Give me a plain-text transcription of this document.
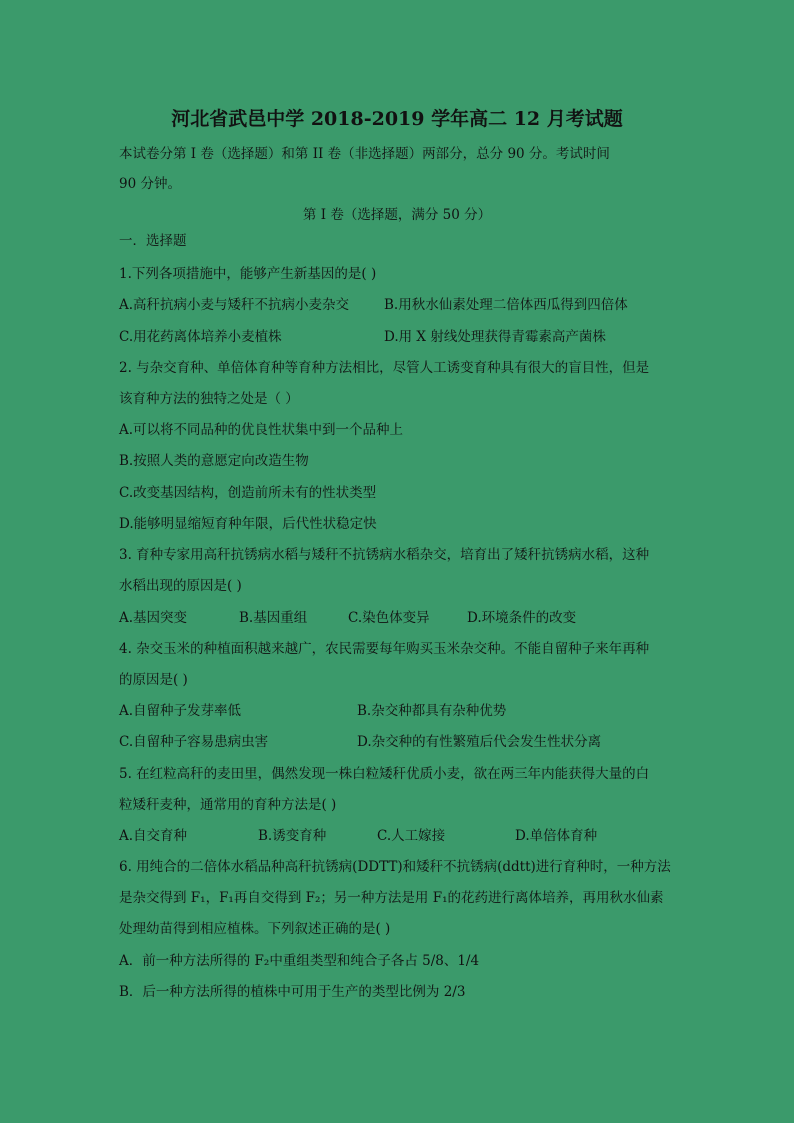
河北省武邑中学 2018-2019 学年高二 12 月考试题
本试卷分第 I 卷（选择题）和第 II 卷（非选择题）两部分，总分 90 分。考试时间
90 分钟。
第 I 卷（选择题，满分 50 分）
一．选择题
1.下列各项措施中，能够产生新基因的是( )
A.高秆抗病小麦与矮秆不抗病小麦杂交	B.用秋水仙素处理二倍体西瓜得到四倍体
C.用花药离体培养小麦植株	D.用 X 射线处理获得青霉素高产菌株
2. 与杂交育种、单倍体育种等育种方法相比，尽管人工诱变育种具有很大的盲目性，但是
该育种方法的独特之处是（ ）
A.可以将不同品种的优良性状集中到一个品种上
B.按照人类的意愿定向改造生物
C.改变基因结构，创造前所未有的性状类型
D.能够明显缩短育种年限，后代性状稳定快
3. 育种专家用高秆抗锈病水稻与矮秆不抗锈病水稻杂交，培育出了矮秆抗锈病水稻，这种
水稻出现的原因是( )
A.基因突变	B.基因重组	C.染色体变异	D.环境条件的改变
4. 杂交玉米的种植面积越来越广，农民需要每年购买玉米杂交种。不能自留种子来年再种
的原因是( )
A.自留种子发芽率低	B.杂交种都具有杂种优势
C.自留种子容易患病虫害	D.杂交种的有性繁殖后代会发生性状分离
5. 在红粒高秆的麦田里，偶然发现一株白粒矮秆优质小麦，欲在两三年内能获得大量的白
粒矮秆麦种，通常用的育种方法是( )
A.自交育种	B.诱变育种	C.人工嫁接	D.单倍体育种
6. 用纯合的二倍体水稻品种高秆抗锈病(DDTT)和矮秆不抗锈病(ddtt)进行育种时，一种方法
是杂交得到 F₁，F₁再自交得到 F₂；另一种方法是用 F₁的花药进行离体培养，再用秋水仙素
处理幼苗得到相应植株。下列叙述正确的是( )
A．前一种方法所得的 F₂中重组类型和纯合子各占 5/8、1/4
B．后一种方法所得的植株中可用于生产的类型比例为 2/3
